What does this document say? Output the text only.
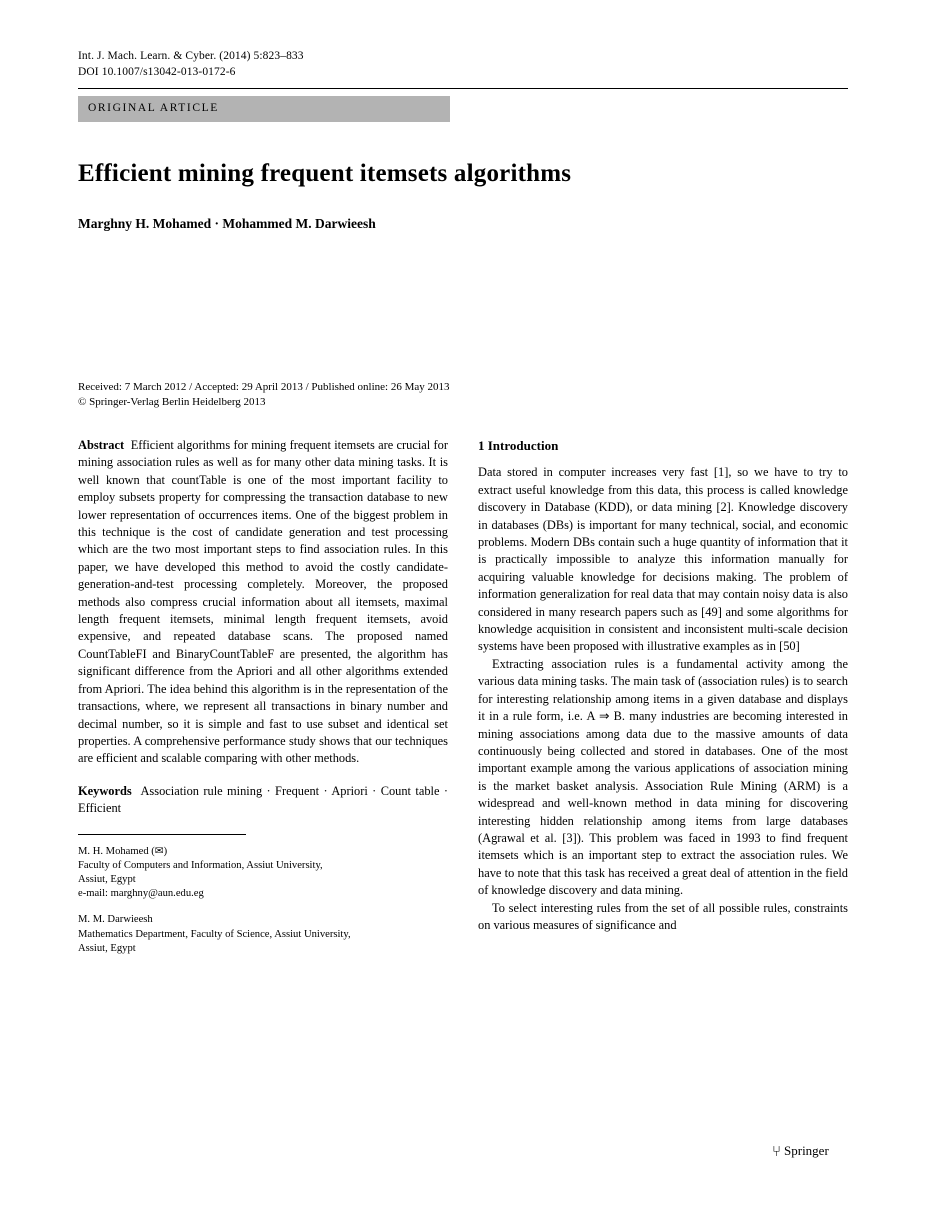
Int. J. Mach. Learn. & Cyber. (2014) 5:823–833
DOI 10.1007/s13042-013-0172-6
ORIGINAL ARTICLE
Efficient mining frequent itemsets algorithms
Marghny H. Mohamed · Mohammed M. Darwieesh
Received: 7 March 2012 / Accepted: 29 April 2013 / Published online: 26 May 2013
© Springer-Verlag Berlin Heidelberg 2013

Abstract Efficient algorithms for mining frequent itemsets are crucial for mining association rules as well as for many other data mining tasks. It is well known that countTable is one of the most important facility to employ subsets property for compressing the transaction database to new lower representation of occurrences items. One of the biggest problem in this technique is the cost of candidate generation and test processing which are the two most important steps to find association rules. In this paper, we have developed this method to avoid the costly candidate-generation-and-test processing completely. Moreover, the proposed methods also compress crucial information about all itemsets, maximal length frequent itemsets, minimal length frequent itemsets, avoid expensive, and repeated database scans. The proposed named CountTableFI and BinaryCountTableF are presented, the algorithm has significant difference from the Apriori and all other algorithms extended from Apriori. The idea behind this algorithm is in the representation of the transactions, where, we represent all transactions in binary number and decimal number, so it is simple and fast to use subset and identical set properties. A comprehensive performance study shows that our techniques are efficient and scalable comparing with other methods.

Keywords Association rule mining · Frequent · Apriori · Count table · Efficient

M. H. Mohamed (✉)
Faculty of Computers and Information, Assiut University,
Assiut, Egypt
e-mail: marghny@aun.edu.eg
M. M. Darwieesh
Mathematics Department, Faculty of Science, Assiut University,
Assiut, Egypt
1 Introduction

Data stored in computer increases very fast [1], so we have to try to extract useful knowledge from this data, this process is called knowledge discovery in Database (KDD), or data mining [2]. Knowledge discovery in databases (DBs) is important for many technical, social, and economic problems. Modern DBs contain such a huge quantity of information that it is practically impossible to analyze this information manually for acquiring valuable knowledge for decisions making. The problem of information generalization for real data that may contain noisy data is also considered in many research papers such as [49] and some algorithms for knowledge acquisition in consistent and inconsistent multi-scale decision systems have been proposed with illustrative examples as in [50]

Extracting association rules is a fundamental activity among the various data mining tasks. The main task of (association rules) is to search for interesting relationship among items in a given database and displays it in a rule form, i.e. A ⇒ B. many industries are becoming interested in mining associations among data due to the massive amounts of data continuously being collected and stored in databases. One of the most important example among the various applications of association mining is the market basket analysis. Association Rule Mining (ARM) is a widespread and well-known method in data mining for discovering interesting hidden relationship among items from large databases (Agrawal et al. [3]). This problem was faced in 1993 to find frequent itemsets which is an important step to extract the association rules. We have to note that this task has received a great deal of attention in the field of knowledge discovery and data mining.

To select interesting rules from the set of all possible rules, constraints on various measures of significance and

⑂ Springer
